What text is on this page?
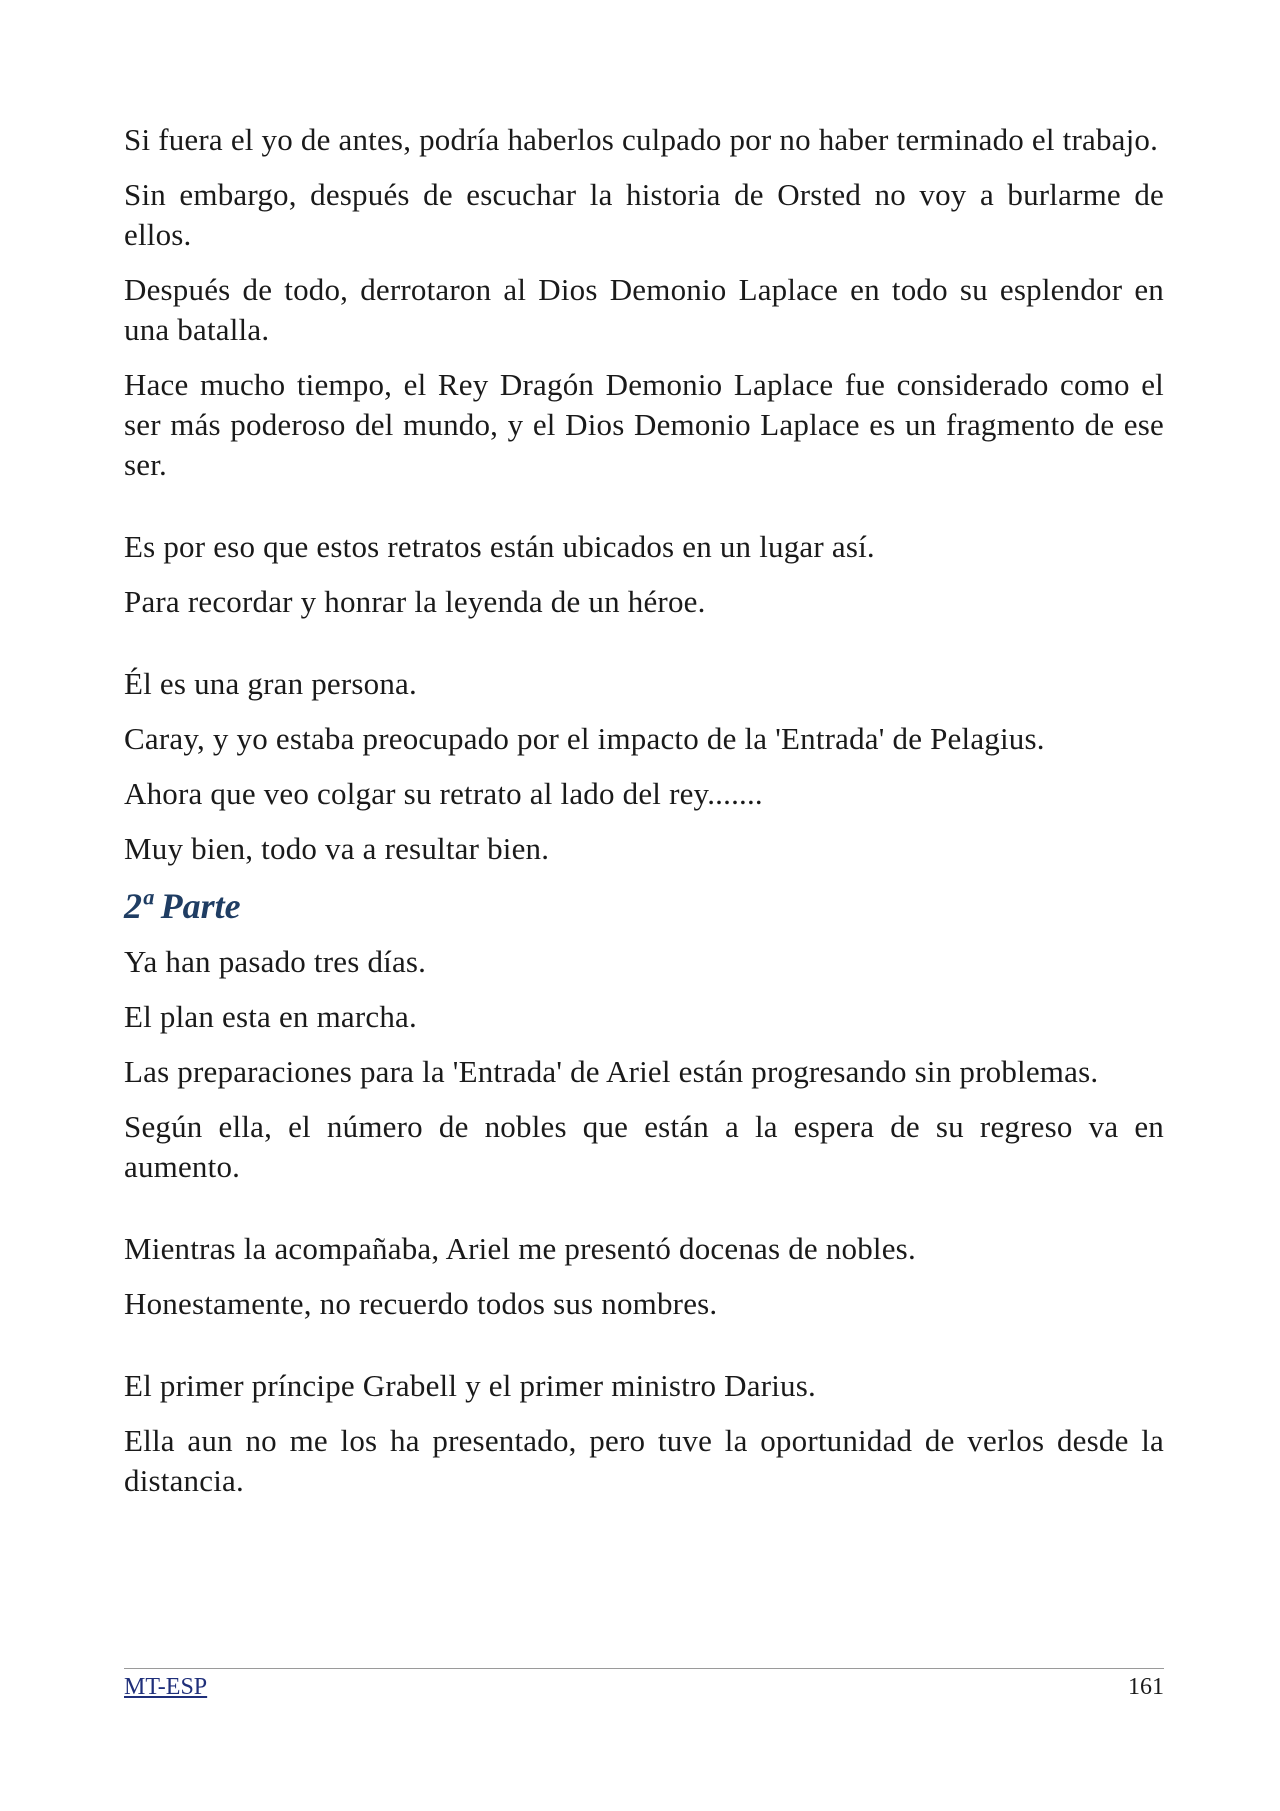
Si fuera el yo de antes, podría haberlos culpado por no haber terminado el trabajo.

Sin embargo, después de escuchar la historia de Orsted no voy a burlarme de ellos.

Después de todo, derrotaron al Dios Demonio Laplace en todo su esplendor en una batalla.

Hace mucho tiempo, el Rey Dragón Demonio Laplace fue considerado como el ser más poderoso del mundo, y el Dios Demonio Laplace es un fragmento de ese ser.

Es por eso que estos retratos están ubicados en un lugar así.

Para recordar y honrar la leyenda de un héroe.

Él es una gran persona.

Caray, y yo estaba preocupado por el impacto de la 'Entrada' de Pelagius.

Ahora que veo colgar su retrato al lado del rey.......

Muy bien, todo va a resultar bien.

2ª Parte

Ya han pasado tres días.

El plan esta en marcha.

Las preparaciones para la 'Entrada' de Ariel están progresando sin problemas.

Según ella, el número de nobles que están a la espera de su regreso va en aumento.

Mientras la acompañaba, Ariel me presentó docenas de nobles.

Honestamente, no recuerdo todos sus nombres.

El primer príncipe Grabell y el primer ministro Darius.

Ella aun no me los ha presentado, pero tuve la oportunidad de verlos desde la distancia.

MT-ESP	161
